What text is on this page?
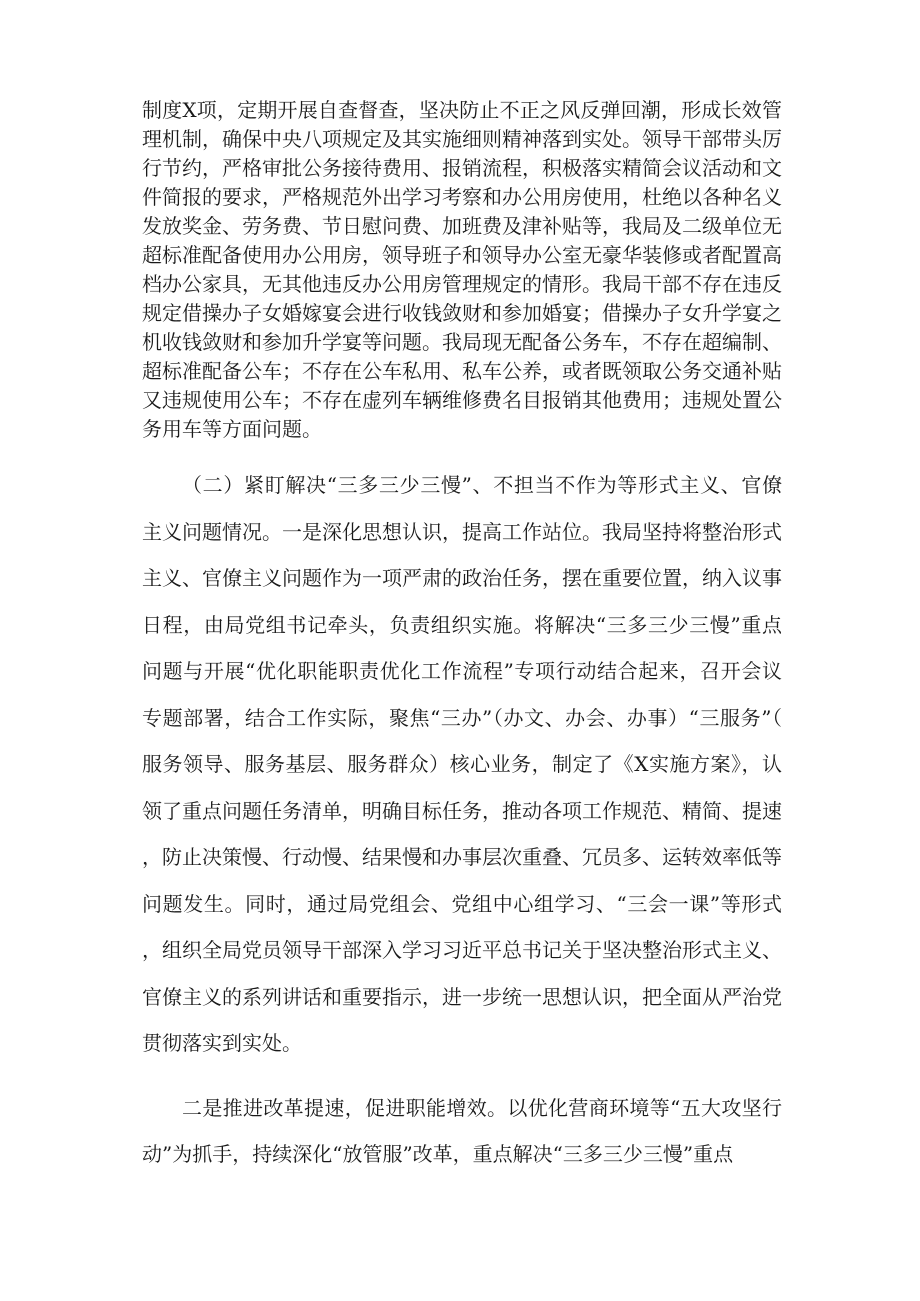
制度X项，定期开展自查督查，坚决防止不正之风反弹回潮，形成长效管理机制，确保中央八项规定及其实施细则精神落到实处。领导干部带头厉行节约，严格审批公务接待费用、报销流程，积极落实精简会议活动和文件简报的要求，严格规范外出学习考察和办公用房使用，杜绝以各种名义发放奖金、劳务费、节日慰问费、加班费及津补贴等，我局及二级单位无超标准配备使用办公用房，领导班子和领导办公室无豪华装修或者配置高档办公家具，无其他违反办公用房管理规定的情形。我局干部不存在违反规定借操办子女婚嫁宴会进行收钱敛财和参加婚宴；借操办子女升学宴之机收钱敛财和参加升学宴等问题。我局现无配备公务车，不存在超编制、超标准配备公车；不存在公车私用、私车公养，或者既领取公务交通补贴又违规使用公车；不存在虚列车辆维修费名目报销其他费用；违规处置公务用车等方面问题。

（二）紧盯解决“三多三少三慢”、不担当不作为等形式主义、官僚主义问题情况。一是深化思想认识，提高工作站位。我局坚持将整治形式主义、官僚主义问题作为一项严肃的政治任务，摆在重要位置，纳入议事日程，由局党组书记牵头，负责组织实施。将解决“三多三少三慢”重点问题与开展“优化职能职责优化工作流程”专项行动结合起来，召开会议专题部署，结合工作实际，聚焦“三办”（办文、办会、办事）“三服务”（服务领导、服务基层、服务群众）核心业务，制定了《X实施方案》，认领了重点问题任务清单，明确目标任务，推动各项工作规范、精简、提速，防止决策慢、行动慢、结果慢和办事层次重叠、冗员多、运转效率低等问题发生。同时，通过局党组会、党组中心组学习、“三会一课”等形式，组织全局党员领导干部深入学习习近平总书记关于坚决整治形式主义、官僚主义的系列讲话和重要指示，进一步统一思想认识，把全面从严治党贯彻落实到实处。

二是推进改革提速，促进职能增效。以优化营商环境等“五大攻坚行动”为抓手，持续深化“放管服”改革，重点解决“三多三少三慢”重点
